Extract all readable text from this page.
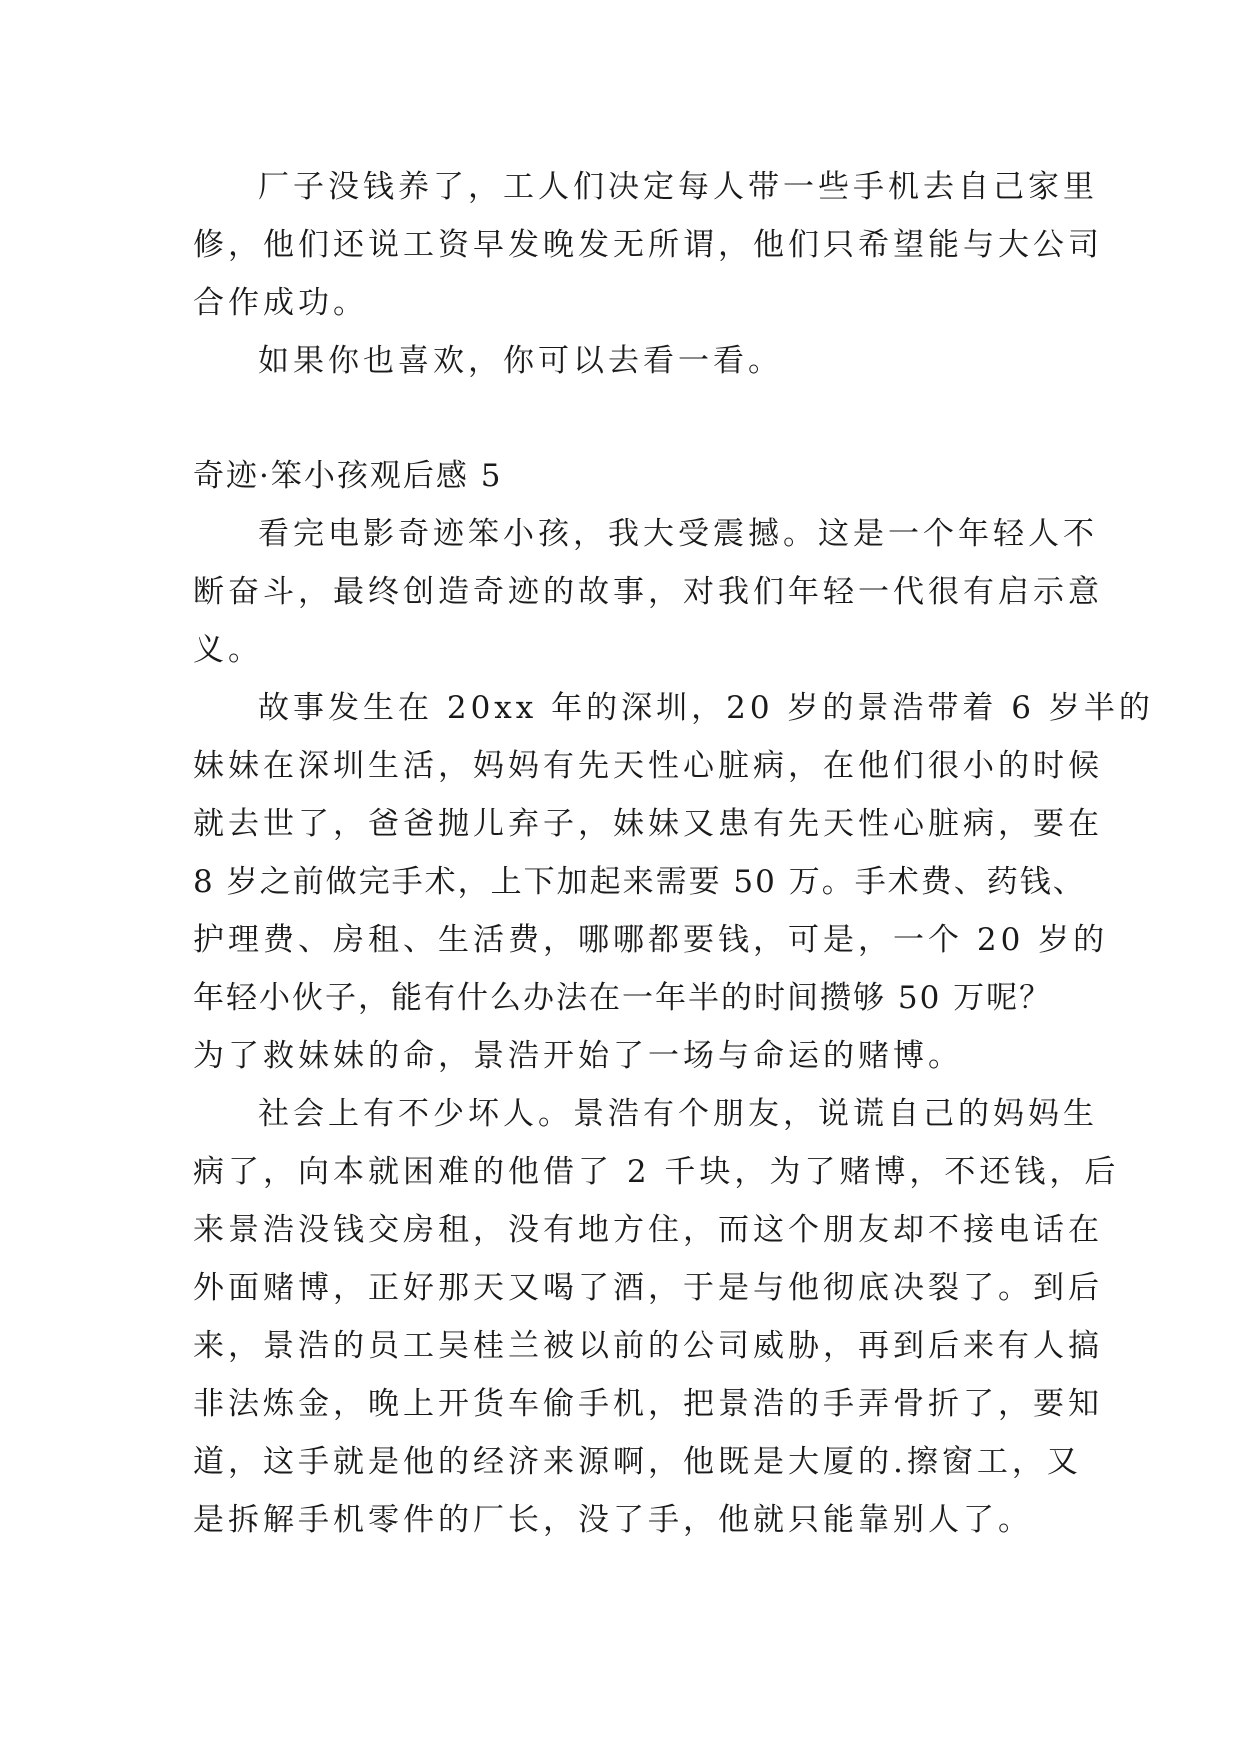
厂子没钱养了，工人们决定每人带一些手机去自己家里
修，他们还说工资早发晚发无所谓，他们只希望能与大公司
合作成功。
如果你也喜欢，你可以去看一看。
奇迹·笨小孩观后感 5
看完电影奇迹笨小孩，我大受震撼。这是一个年轻人不
断奋斗，最终创造奇迹的故事，对我们年轻一代很有启示意
义。
故事发生在 20xx 年的深圳，20 岁的景浩带着 6 岁半的
妹妹在深圳生活，妈妈有先天性心脏病，在他们很小的时候
就去世了，爸爸抛儿弃子，妹妹又患有先天性心脏病，要在
8 岁之前做完手术，上下加起来需要 50 万。手术费、药钱、
护理费、房租、生活费，哪哪都要钱，可是，一个 20 岁的
年轻小伙子，能有什么办法在一年半的时间攒够 50 万呢？
为了救妹妹的命，景浩开始了一场与命运的赌博。
社会上有不少坏人。景浩有个朋友，说谎自己的妈妈生
病了，向本就困难的他借了 2 千块，为了赌博，不还钱，后
来景浩没钱交房租，没有地方住，而这个朋友却不接电话在
外面赌博，正好那天又喝了酒，于是与他彻底决裂了。到后
来，景浩的员工吴桂兰被以前的公司威胁，再到后来有人搞
非法炼金，晚上开货车偷手机，把景浩的手弄骨折了，要知
道，这手就是他的经济来源啊，他既是大厦的.擦窗工，又
是拆解手机零件的厂长，没了手，他就只能靠别人了。
